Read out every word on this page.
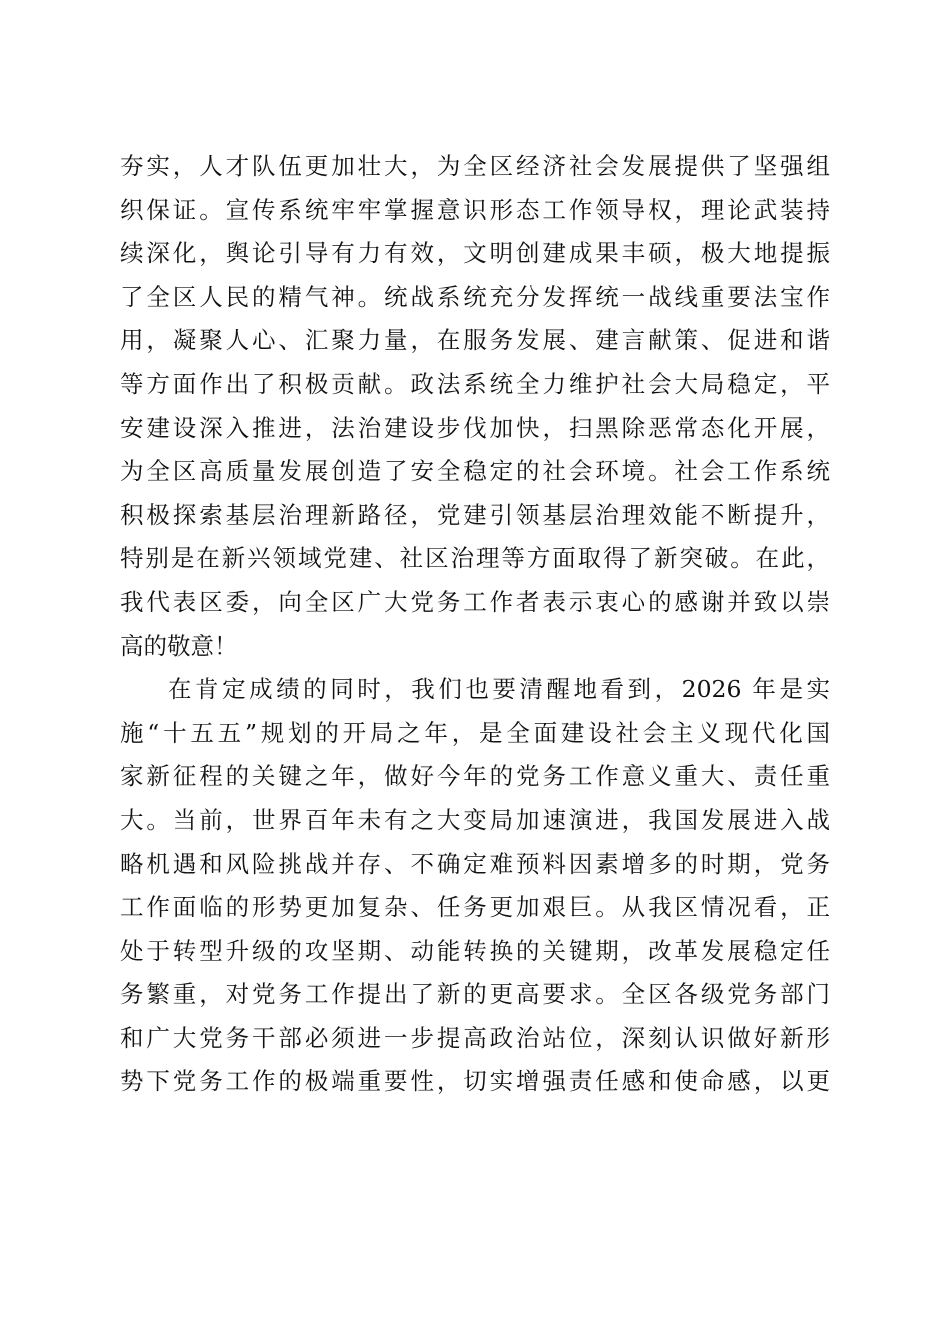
夯实，人才队伍更加壮大，为全区经济社会发展提供了坚强组
织保证。宣传系统牢牢掌握意识形态工作领导权，理论武装持
续深化，舆论引导有力有效，文明创建成果丰硕，极大地提振
了全区人民的精气神。统战系统充分发挥统一战线重要法宝作
用，凝聚人心、汇聚力量，在服务发展、建言献策、促进和谐
等方面作出了积极贡献。政法系统全力维护社会大局稳定，平
安建设深入推进，法治建设步伐加快，扫黑除恶常态化开展，
为全区高质量发展创造了安全稳定的社会环境。社会工作系统
积极探索基层治理新路径，党建引领基层治理效能不断提升，
特别是在新兴领域党建、社区治理等方面取得了新突破。在此，
我代表区委，向全区广大党务工作者表示衷心的感谢并致以崇
高的敬意！
在肯定成绩的同时，我们也要清醒地看到，2026 年是实
施“十五五”规划的开局之年，是全面建设社会主义现代化国
家新征程的关键之年，做好今年的党务工作意义重大、责任重
大。当前，世界百年未有之大变局加速演进，我国发展进入战
略机遇和风险挑战并存、不确定难预料因素增多的时期，党务
工作面临的形势更加复杂、任务更加艰巨。从我区情况看，正
处于转型升级的攻坚期、动能转换的关键期，改革发展稳定任
务繁重，对党务工作提出了新的更高要求。全区各级党务部门
和广大党务干部必须进一步提高政治站位，深刻认识做好新形
势下党务工作的极端重要性，切实增强责任感和使命感，以更
